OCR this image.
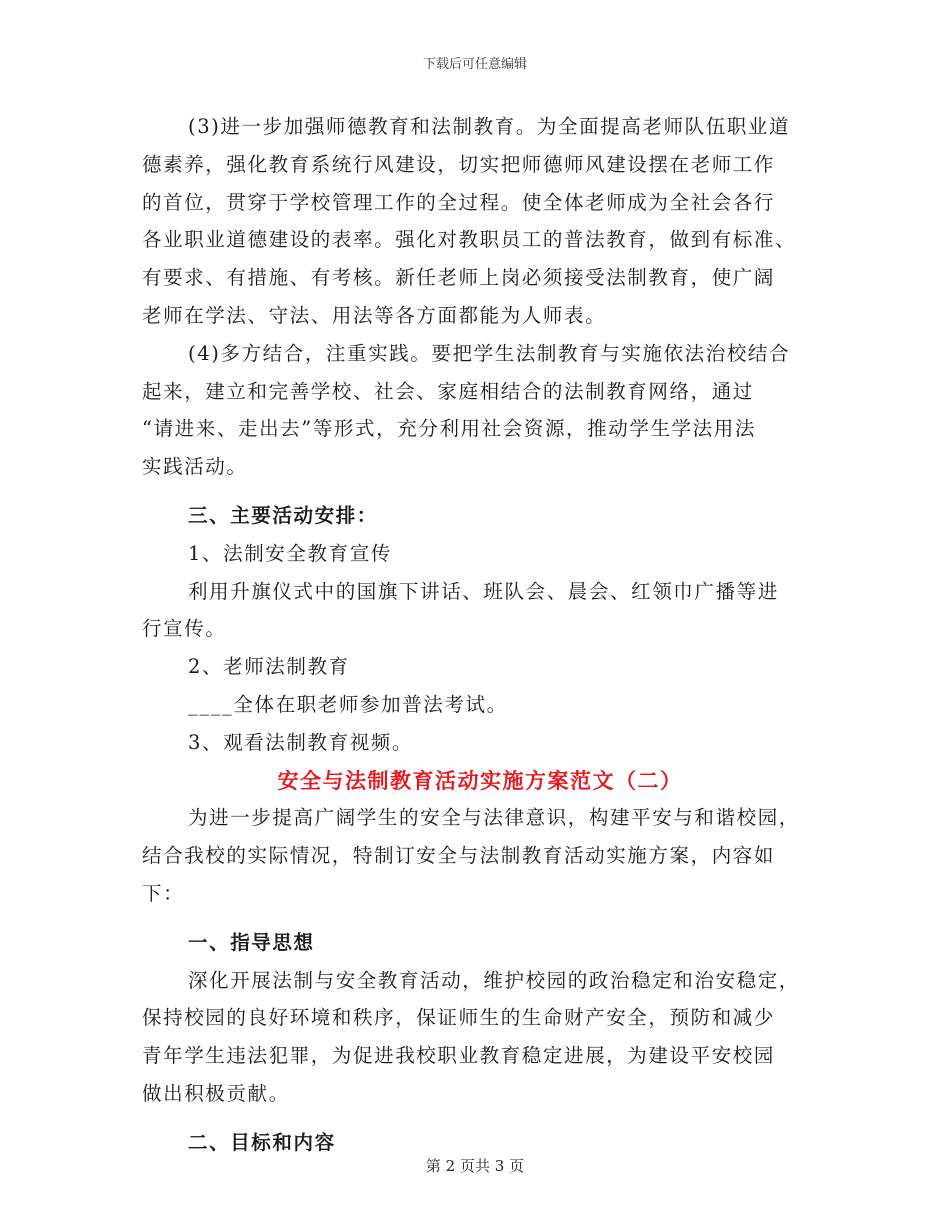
下载后可任意编辑

(3)进一步加强师德教育和法制教育。为全面提高老师队伍职业道

德素养，强化教育系统行风建设，切实把师德师风建设摆在老师工作

的首位，贯穿于学校管理工作的全过程。使全体老师成为全社会各行

各业职业道德建设的表率。强化对教职员工的普法教育，做到有标准、

有要求、有措施、有考核。新任老师上岗必须接受法制教育，使广阔

老师在学法、守法、用法等各方面都能为人师表。

(4)多方结合，注重实践。要把学生法制教育与实施依法治校结合

起来，建立和完善学校、社会、家庭相结合的法制教育网络，通过

“请进来、走出去”等形式，充分利用社会资源，推动学生学法用法

实践活动。

三、主要活动安排：

1、法制安全教育宣传

利用升旗仪式中的国旗下讲话、班队会、晨会、红领巾广播等进

行宣传。

2、老师法制教育

____全体在职老师参加普法考试。

3、观看法制教育视频。

安全与法制教育活动实施方案范文（二）

为进一步提高广阔学生的安全与法律意识，构建平安与和谐校园，

结合我校的实际情况，特制订安全与法制教育活动实施方案，内容如

下：

一、指导思想

深化开展法制与安全教育活动，维护校园的政治稳定和治安稳定，

保持校园的良好环境和秩序，保证师生的生命财产安全，预防和减少

青年学生违法犯罪，为促进我校职业教育稳定进展，为建设平安校园

做出积极贡献。

二、目标和内容

第 2 页共 3 页
